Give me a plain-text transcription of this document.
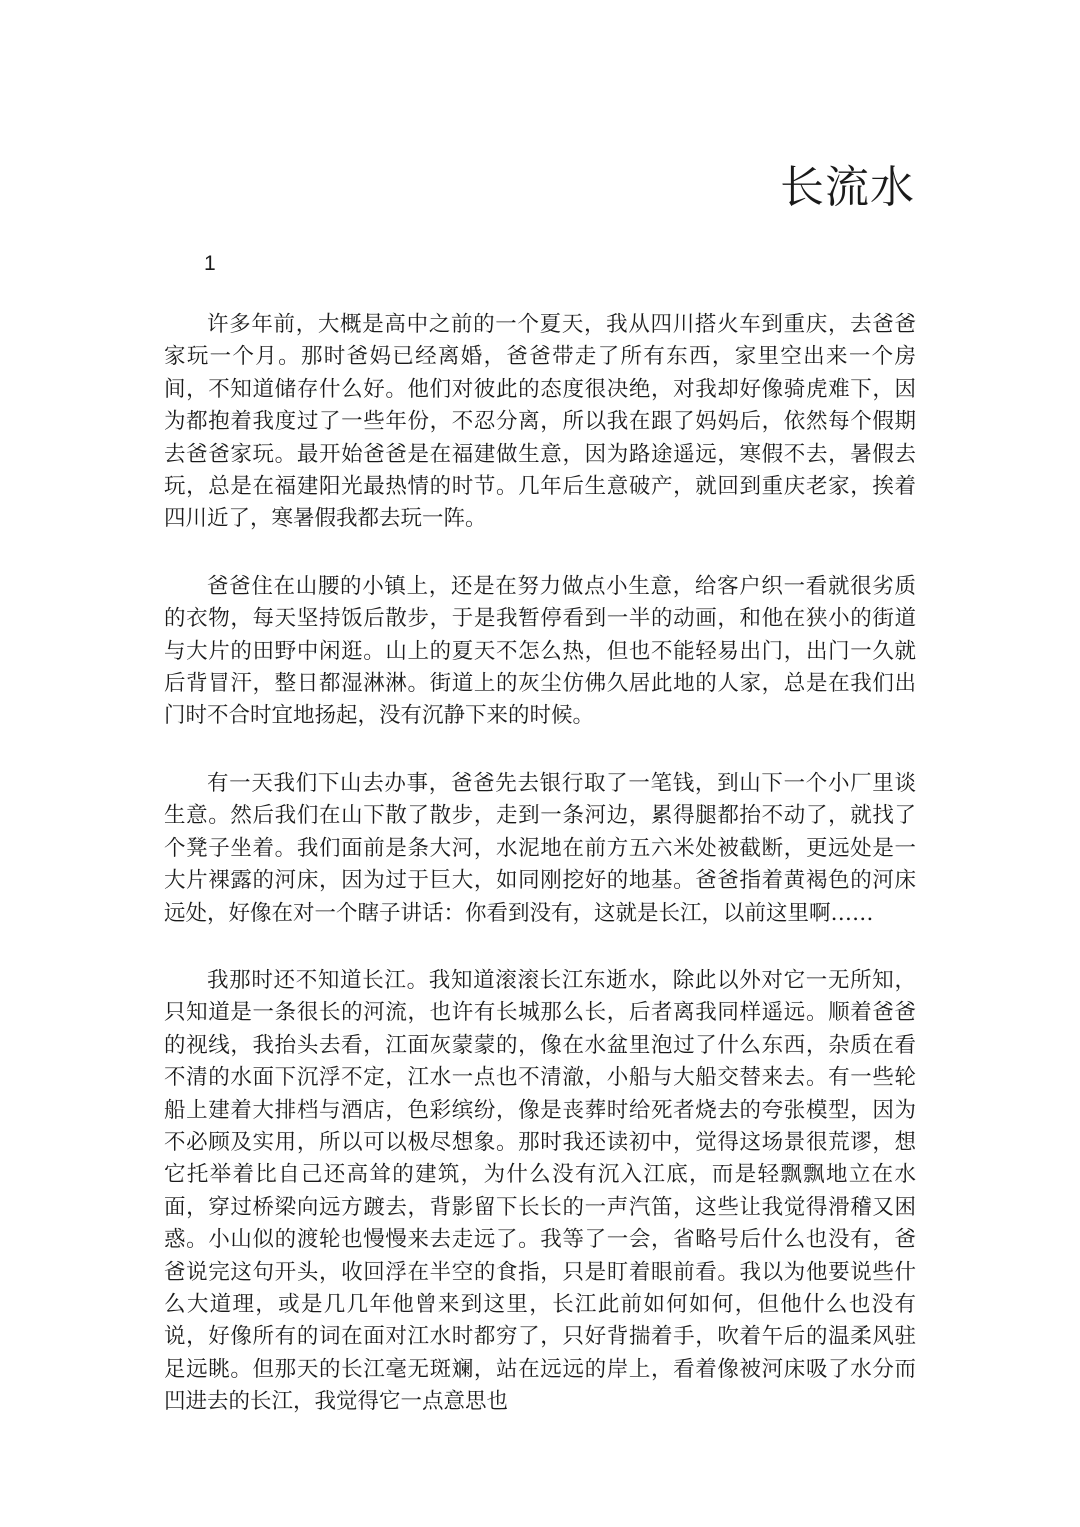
长流水
1

许多年前，大概是高中之前的一个夏天，我从四川搭火车到重庆，去爸爸家玩一个月。那时爸妈已经离婚，爸爸带走了所有东西，家里空出来一个房间，不知道储存什么好。他们对彼此的态度很决绝，对我却好像骑虎难下，因为都抱着我度过了一些年份，不忍分离，所以我在跟了妈妈后，依然每个假期去爸爸家玩。最开始爸爸是在福建做生意，因为路途遥远，寒假不去，暑假去玩，总是在福建阳光最热情的时节。几年后生意破产，就回到重庆老家，挨着四川近了，寒暑假我都去玩一阵。

爸爸住在山腰的小镇上，还是在努力做点小生意，给客户织一看就很劣质的衣物，每天坚持饭后散步，于是我暂停看到一半的动画，和他在狭小的街道与大片的田野中闲逛。山上的夏天不怎么热，但也不能轻易出门，出门一久就后背冒汗，整日都湿淋淋。街道上的灰尘仿佛久居此地的人家，总是在我们出门时不合时宜地扬起，没有沉静下来的时候。

有一天我们下山去办事，爸爸先去银行取了一笔钱，到山下一个小厂里谈生意。然后我们在山下散了散步，走到一条河边，累得腿都抬不动了，就找了个凳子坐着。我们面前是条大河，水泥地在前方五六米处被截断，更远处是一大片裸露的河床，因为过于巨大，如同刚挖好的地基。爸爸指着黄褐色的河床远处，好像在对一个瞎子讲话：你看到没有，这就是长江，以前这里啊……

我那时还不知道长江。我知道滚滚长江东逝水，除此以外对它一无所知，只知道是一条很长的河流，也许有长城那么长，后者离我同样遥远。顺着爸爸的视线，我抬头去看，江面灰蒙蒙的，像在水盆里泡过了什么东西，杂质在看不清的水面下沉浮不定，江水一点也不清澈，小船与大船交替来去。有一些轮船上建着大排档与酒店，色彩缤纷，像是丧葬时给死者烧去的夸张模型，因为不必顾及实用，所以可以极尽想象。那时我还读初中，觉得这场景很荒谬，想它托举着比自己还高耸的建筑，为什么没有沉入江底，而是轻飘飘地立在水面，穿过桥梁向远方踱去，背影留下长长的一声汽笛，这些让我觉得滑稽又困惑。小山似的渡轮也慢慢来去走远了。我等了一会，省略号后什么也没有，爸爸说完这句开头，收回浮在半空的食指，只是盯着眼前看。我以为他要说些什么大道理，或是几几年他曾来到这里，长江此前如何如何，但他什么也没有说，好像所有的词在面对江水时都穷了，只好背揣着手，吹着午后的温柔风驻足远眺。但那天的长江毫无斑斓，站在远远的岸上，看着像被河床吸了水分而凹进去的长江，我觉得它一点意思也
